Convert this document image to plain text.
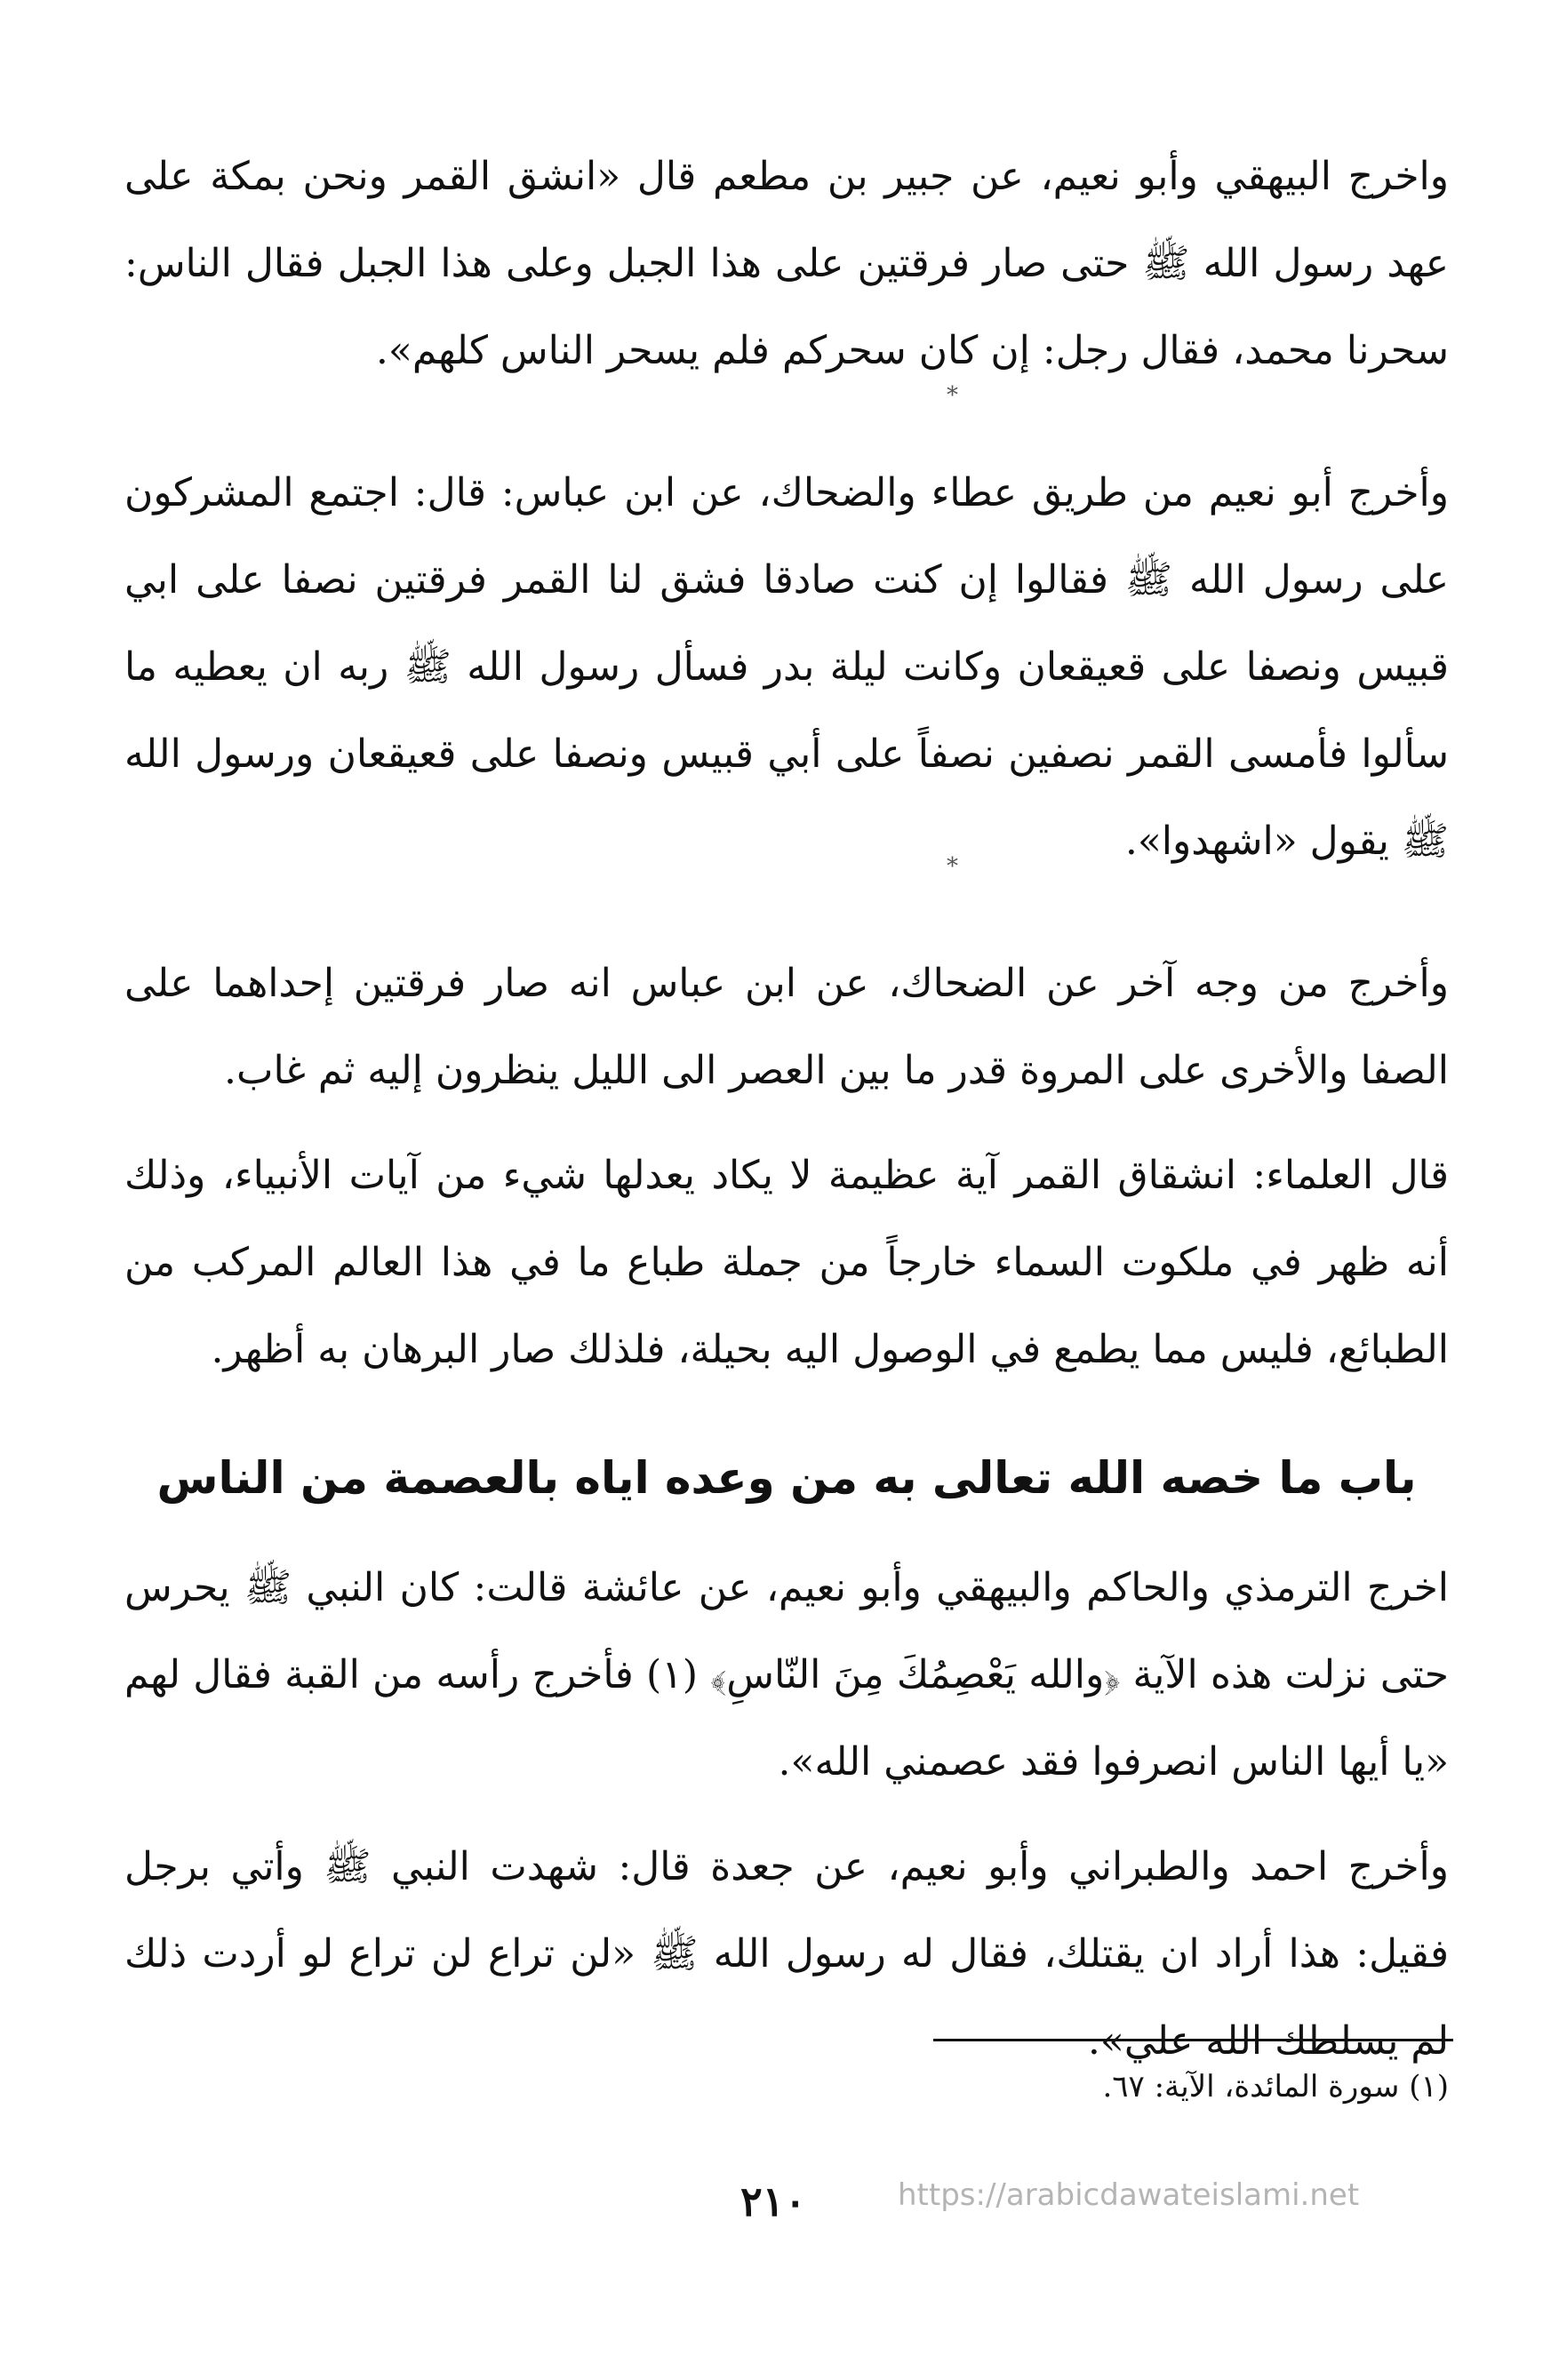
واخرج البيهقي وأبو نعيم، عن جبير بن مطعم قال «انشق القمر ونحن بمكة على عهد رسول الله ﷺ حتى صار فرقتين على هذا الجبل وعلى هذا الجبل فقال الناس: سحرنا محمد، فقال رجل: إن كان سحركم فلم يسحر الناس كلهم».

وأخرج أبو نعيم من طريق عطاء والضحاك، عن ابن عباس: قال: اجتمع المشركون على رسول الله ﷺ فقالوا إن كنت صادقا فشق لنا القمر فرقتين نصفا على ابي قبيس ونصفا على قعيقعان وكانت ليلة بدر فسأل رسول الله ﷺ ربه ان يعطيه ما سألوا فأمسى القمر نصفين نصفاً على أبي قبيس ونصفا على قعيقعان ورسول الله ﷺ يقول «اشهدوا».

وأخرج من وجه آخر عن الضحاك، عن ابن عباس انه صار فرقتين إحداهما على الصفا والأخرى على المروة قدر ما بين العصر الى الليل ينظرون إليه ثم غاب.

قال العلماء: انشقاق القمر آية عظيمة لا يكاد يعدلها شيء من آيات الأنبياء، وذلك أنه ظهر في ملكوت السماء خارجاً من جملة طباع ما في هذا العالم المركب من الطبائع، فليس مما يطمع في الوصول اليه بحيلة، فلذلك صار البرهان به أظهر.

باب ما خصه الله تعالى به من وعده اياه بالعصمة من الناس

اخرج الترمذي والحاكم والبيهقي وأبو نعيم، عن عائشة قالت: كان النبي ﷺ يحرس حتى نزلت هذه الآية ﴿والله يَعْصِمُكَ مِنَ النّاسِ﴾ (١) فأخرج رأسه من القبة فقال لهم «يا أيها الناس انصرفوا فقد عصمني الله».

وأخرج احمد والطبراني وأبو نعيم، عن جعدة قال: شهدت النبي ﷺ وأتي برجل فقيل: هذا أراد ان يقتلك، فقال له رسول الله ﷺ «لن تراع لن تراع لو أردت ذلك لم يسلطك الله علي».

*
*
(١) سورة المائدة، الآية: ٦٧.
٢١٠	https://arabicdawateislami.net
